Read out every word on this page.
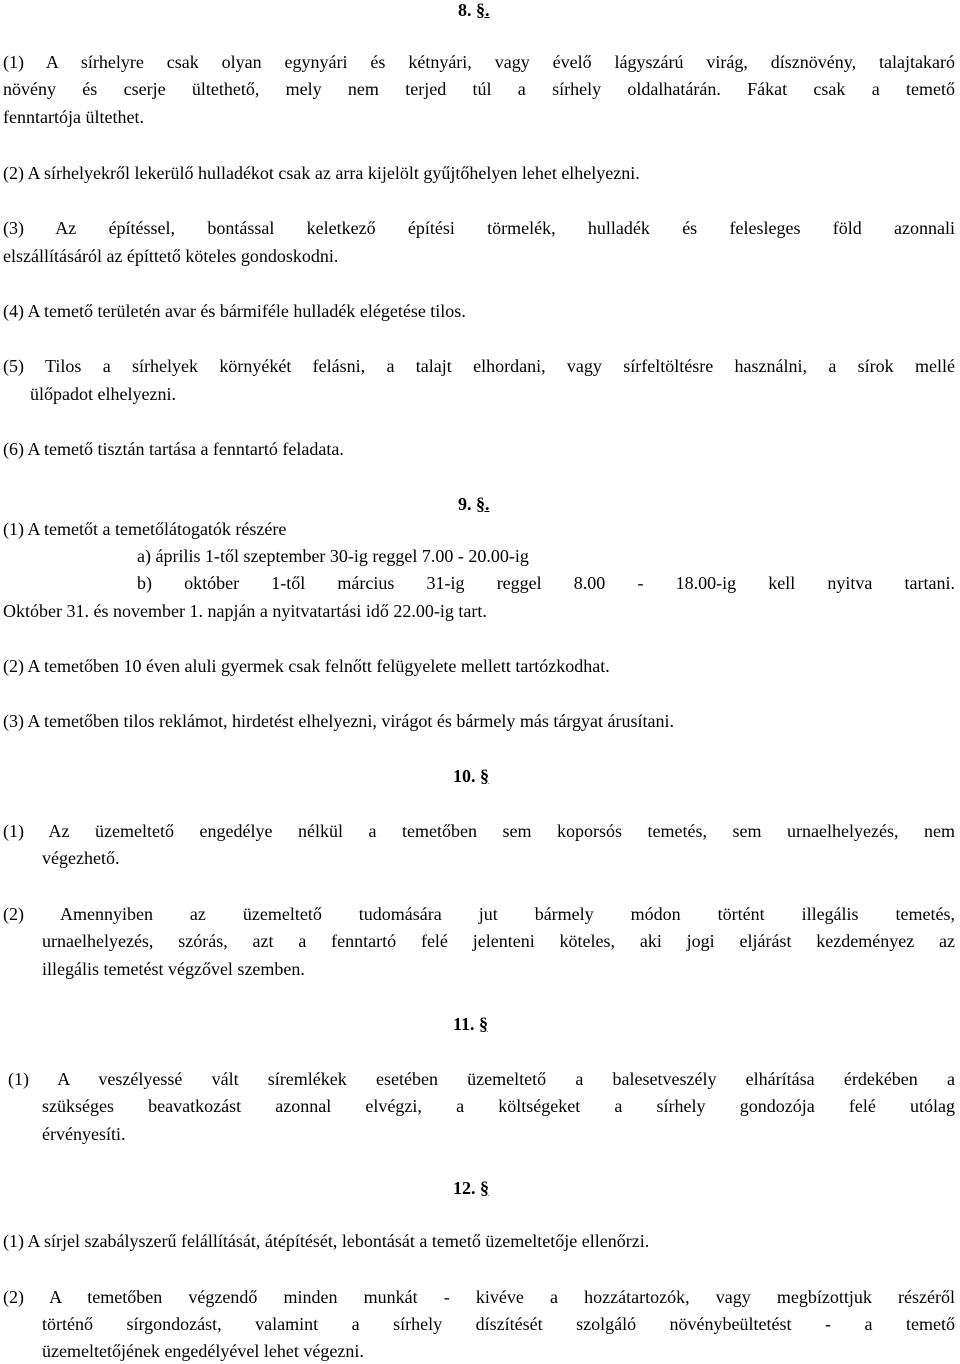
8. §.
(1) A sírhelyre csak olyan egynyári és kétnyári, vagy évelő lágyszárú virág, dísznövény, talajtakaró
növény és cserje ültethető, mely nem terjed túl a sírhely oldalhatárán. Fákat csak a temető
fenntartója ültethet.
(2) A sírhelyekről lekerülő hulladékot csak az arra kijelölt gyűjtőhelyen lehet elhelyezni.
(3) Az építéssel, bontással keletkező építési törmelék, hulladék és felesleges föld azonnali
elszállításáról az építtető köteles gondoskodni.
(4) A temető területén avar és bármiféle hulladék elégetése tilos.
(5) Tilos a sírhelyek környékét felásni, a talajt elhordani, vagy sírfeltöltésre használni, a sírok mellé
ülőpadot elhelyezni.
(6) A temető tisztán tartása a fenntartó feladata.
9. §.
(1) A temetőt a temetőlátogatók részére
a) április 1-től szeptember 30-ig reggel 7.00 - 20.00-ig
b) október 1-től március 31-ig reggel 8.00 - 18.00-ig kell nyitva tartani.
Október 31. és november 1. napján a nyitvatartási idő 22.00-ig tart.
(2) A temetőben 10 éven aluli gyermek csak felnőtt felügyelete mellett tartózkodhat.
(3) A temetőben tilos reklámot, hirdetést elhelyezni, virágot és bármely más tárgyat árusítani.
10. §
(1) Az üzemeltető engedélye nélkül a temetőben sem koporsós temetés, sem urnaelhelyezés, nem
végezhető.
(2) Amennyiben az üzemeltető tudomására jut bármely módon történt illegális temetés,
urnaelhelyezés, szórás, azt a fenntartó felé jelenteni köteles, aki jogi eljárást kezdeményez az
illegális temetést végzővel szemben.
11. §
(1) A veszélyessé vált síremlékek esetében üzemeltető a balesetveszély elhárítása érdekében a
szükséges beavatkozást azonnal elvégzi, a költségeket a sírhely gondozója felé utólag
érvényesíti.
12. §
(1) A sírjel szabályszerű felállítását, átépítését, lebontását a temető üzemeltetője ellenőrzi.
(2) A temetőben végzendő minden munkát - kivéve a hozzátartozók, vagy megbízottjuk részéről
történő sírgondozást, valamint a sírhely díszítését szolgáló növénybeültetést - a temető
üzemeltetőjének engedélyével lehet végezni.
